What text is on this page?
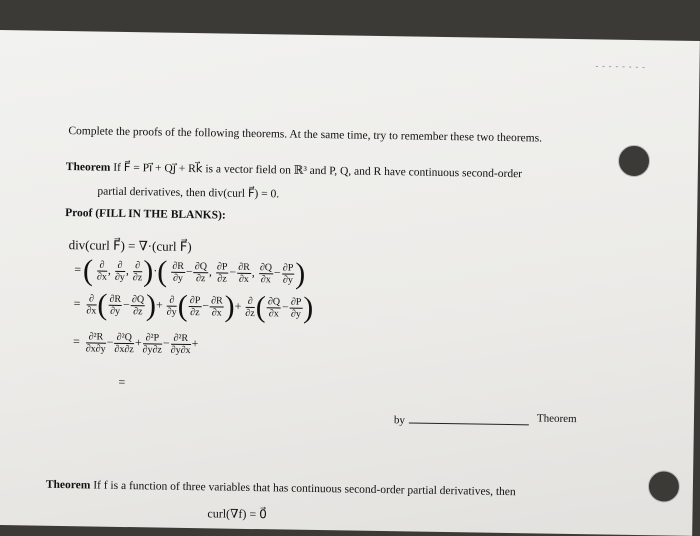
- - - - - - - -
Complete the proofs of the following theorems. At the same time, try to remember these two theorems.
Theorem If F⃗ = Pi⃗ + Qj⃗ + Rk⃗ is a vector field on ℝ³ and P, Q, and R have continuous second-order
partial derivatives, then div(curl F⃗) = 0.
Proof (FILL IN THE BLANKS):
div(curl F⃗) = ∇·(curl F⃗)
=( $\frac{\partial}{\partial x}$ , $\frac{\partial}{\partial y}$ , $\frac{\partial}{\partial z}$ )·( $\frac{\partial R}{\partial y} - \frac{\partial Q}{\partial z}$ , $\frac{\partial P}{\partial z} - \frac{\partial R}{\partial x}$ , $\frac{\partial Q}{\partial x} - \frac{\partial P}{\partial y}$ )
= $\frac{\partial}{\partial x}$ ( $\frac{\partial R}{\partial y} - \frac{\partial Q}{\partial z}$ )+ $\frac{\partial}{\partial y}$ ( $\frac{\partial P}{\partial z} - \frac{\partial R}{\partial x}$ )+ $\frac{\partial}{\partial z}$ ( $\frac{\partial Q}{\partial x} - \frac{\partial P}{\partial y}$ )
= $\frac{\text{∂²R}}{\partial x\partial y} - \frac{\text{∂²Q}}{\partial x\partial z} + \frac{\text{∂²P}}{\partial y\partial z} - \frac{\text{∂²R}}{\partial y\partial x}$ +
=
by	Theorem
Theorem If f is a function of three variables that has continuous second-order partial derivatives, then
curl(∇f) = 0⃗
